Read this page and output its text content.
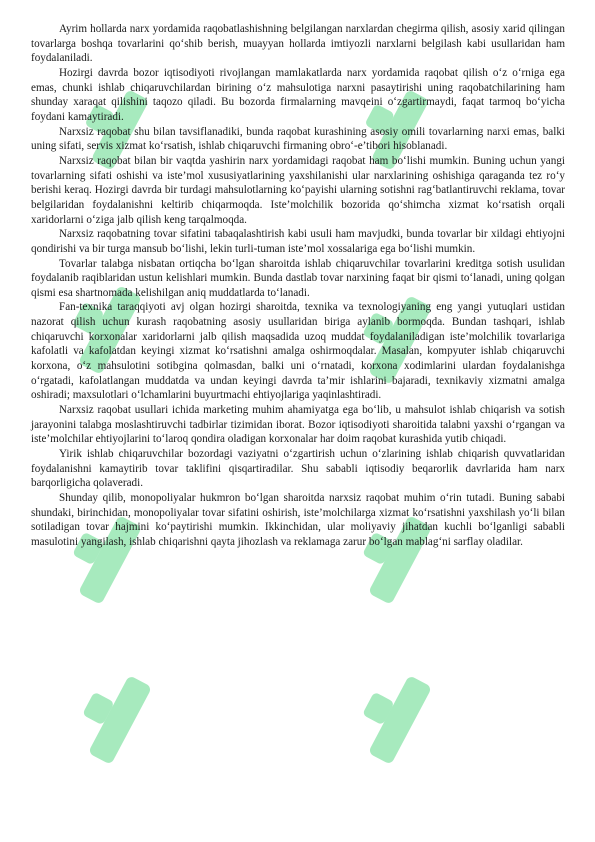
Ayrim hollarda narx yordamida raqobatlashishning belgilangan narxlardan chegirma qilish, asosiy xarid qilingan tovarlarga boshqa tovarlarini qo‘shib berish, muayyan hollarda imtiyozli narxlarni belgilash kabi usullaridan ham foydalaniladi.

Hozirgi davrda bozor iqtisodiyoti rivojlangan mamlakatlarda narx yordamida raqobat qilish o‘z o‘rniga ega emas, chunki ishlab chiqaruvchilardan birining o‘z mahsulotiga narxni pasaytirishi uning raqobatchilarining ham shunday xaraqat qilishini taqozo qiladi. Bu bozorda firmalarning mavqeini o‘zgartirmaydi, faqat tarmoq bo‘yicha foydani kamaytiradi.

Narxsiz raqobat shu bilan tavsiflanadiki, bunda raqobat kurashining asosiy omili tovarlarning narxi emas, balki uning sifati, servis xizmat ko‘rsatish, ishlab chiqaruvchi firmaning obro‘-e’tibori hisoblanadi.

Narxsiz raqobat bilan bir vaqtda yashirin narx yordamidagi raqobat ham bo‘lishi mumkin. Buning uchun yangi tovarlarning sifati oshishi va iste’mol xususiyatlarining yaxshilanishi ular narxlarining oshishiga qaraganda tez ro‘y berishi keraq. Hozirgi davrda bir turdagi mahsulotlarning ko‘payishi ularning sotishni rag‘batlantiruvchi reklama, tovar belgilaridan foydalanishni keltirib chiqarmoqda. Iste’molchilik bozorida qo‘shimcha xizmat ko‘rsatish orqali xaridorlarni o‘ziga jalb qilish keng tarqalmoqda.

Narxsiz raqobatning tovar sifatini tabaqalashtirish kabi usuli ham mavjudki, bunda tovarlar bir xildagi ehtiyojni qondirishi va bir turga mansub bo‘lishi, lekin turli-tuman iste’mol xossalariga ega bo‘lishi mumkin.

Tovarlar talabga nisbatan ortiqcha bo‘lgan sharoitda ishlab chiqaruvchilar tovarlarini kreditga sotish usulidan foydalanib raqiblaridan ustun kelishlari mumkin. Bunda dastlab tovar narxining faqat bir qismi to‘lanadi, uning qolgan qismi esa shartnomada kelishilgan aniq muddatlarda to‘lanadi.

Fan-texnika taraqqiyoti avj olgan hozirgi sharoitda, texnika va texnologiyaning eng yangi yutuqlari ustidan nazorat qilish uchun kurash raqobatning asosiy usullaridan biriga aylanib bormoqda. Bundan tashqari, ishlab chiqaruvchi korxonalar xaridorlarni jalb qilish maqsadida uzoq muddat foydalaniladigan iste’molchilik tovarlariga kafolatli va kafolatdan keyingi xizmat ko‘rsatishni amalga oshirmoqdalar. Masalan, kompyuter ishlab chiqaruvchi korxona, o‘z mahsulotini sotibgina qolmasdan, balki uni o‘rnatadi, korxona xodimlarini ulardan foydalanishga o‘rgatadi, kafolatlangan muddatda va undan keyingi davrda ta’mir ishlarini bajaradi, texnikaviy xizmatni amalga oshiradi; maxsulotlari o‘lchamlarini buyurtmachi ehtiyojlariga yaqinlashtiradi.

Narxsiz raqobat usullari ichida marketing muhim ahamiyatga ega bo‘lib, u mahsulot ishlab chiqarish va sotish jarayonini talabga moslashtiruvchi tadbirlar tizimidan iborat. Bozor iqtisodiyoti sharoitida talabni yaxshi o‘rgangan va iste’molchilar ehtiyojlarini to‘laroq qondira oladigan korxonalar har doim raqobat kurashida yutib chiqadi.

Yirik ishlab chiqaruvchilar bozordagi vaziyatni o‘zgartirish uchun o‘zlarining ishlab chiqarish quvvatlaridan foydalanishni kamaytirib tovar taklifini qisqartiradilar. Shu sababli iqtisodiy beqarorlik davrlarida ham narx barqorligicha qolaveradi.

Shunday qilib, monopoliyalar hukmron bo‘lgan sharoitda narxsiz raqobat muhim o‘rin tutadi. Buning sababi shundaki, birinchidan, monopoliyalar tovar sifatini oshirish, iste’molchilarga xizmat ko‘rsatishni yaxshilash yo‘li bilan sotiladigan tovar hajmini ko‘paytirishi mumkin. Ikkinchidan, ular moliyaviy jihatdan kuchli bo‘lganligi sababli masulotini yangilash, ishlab chiqarishni qayta jihozlash va reklamaga zarur bo‘lgan mablag‘ni sarflay oladilar.
